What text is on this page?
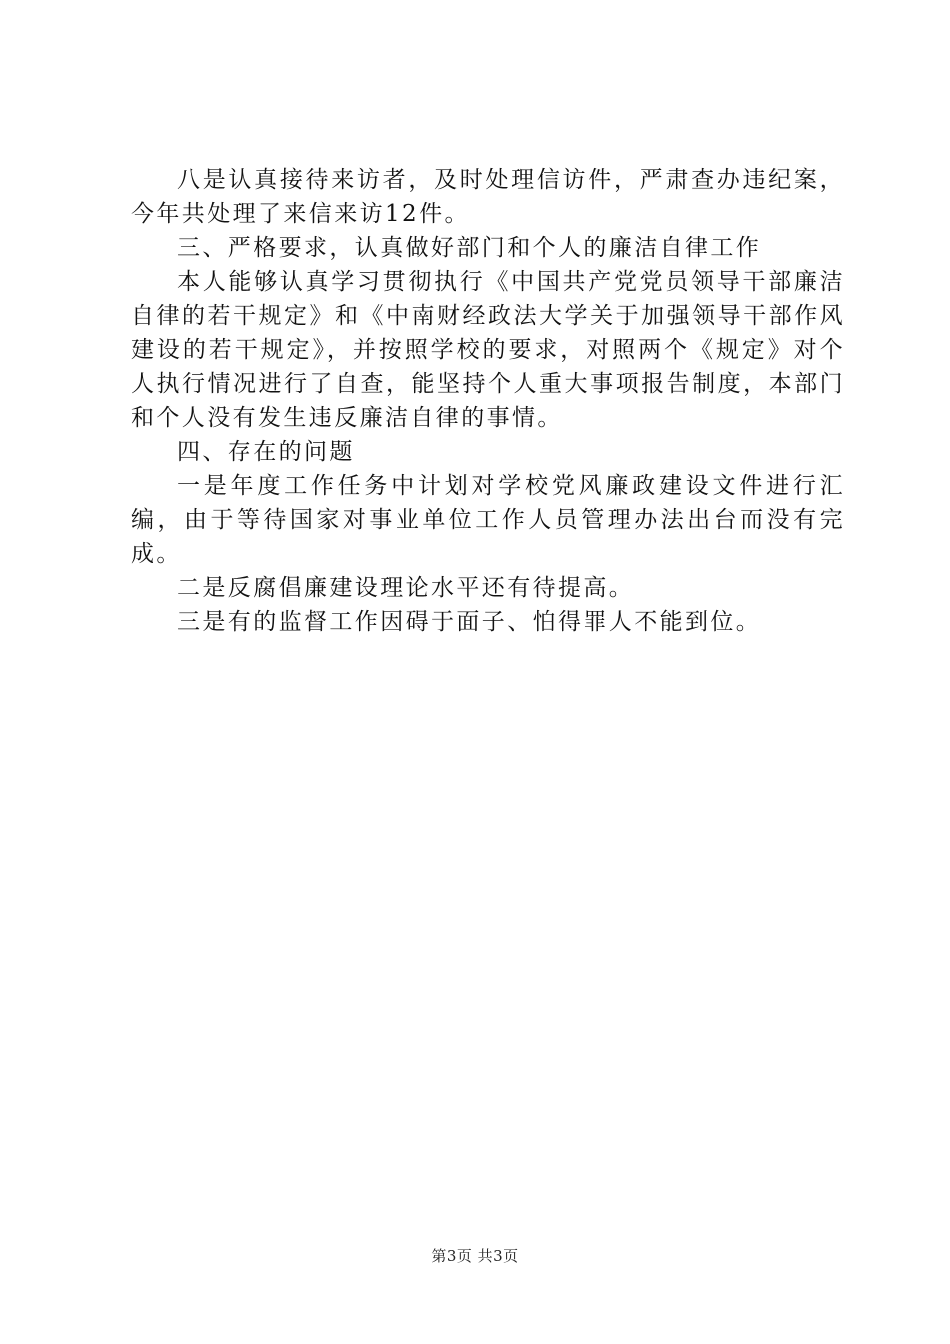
八是认真接待来访者，及时处理信访件，严肃查办违纪案，今年共处理了来信来访12件。

三、严格要求，认真做好部门和个人的廉洁自律工作

本人能够认真学习贯彻执行《中国共产党党员领导干部廉洁自律的若干规定》和《中南财经政法大学关于加强领导干部作风建设的若干规定》，并按照学校的要求，对照两个《规定》对个人执行情况进行了自查，能坚持个人重大事项报告制度，本部门和个人没有发生违反廉洁自律的事情。

四、存在的问题

一是年度工作任务中计划对学校党风廉政建设文件进行汇编，由于等待国家对事业单位工作人员管理办法出台而没有完成。

二是反腐倡廉建设理论水平还有待提高。

三是有的监督工作因碍于面子、怕得罪人不能到位。

第3页 共3页
